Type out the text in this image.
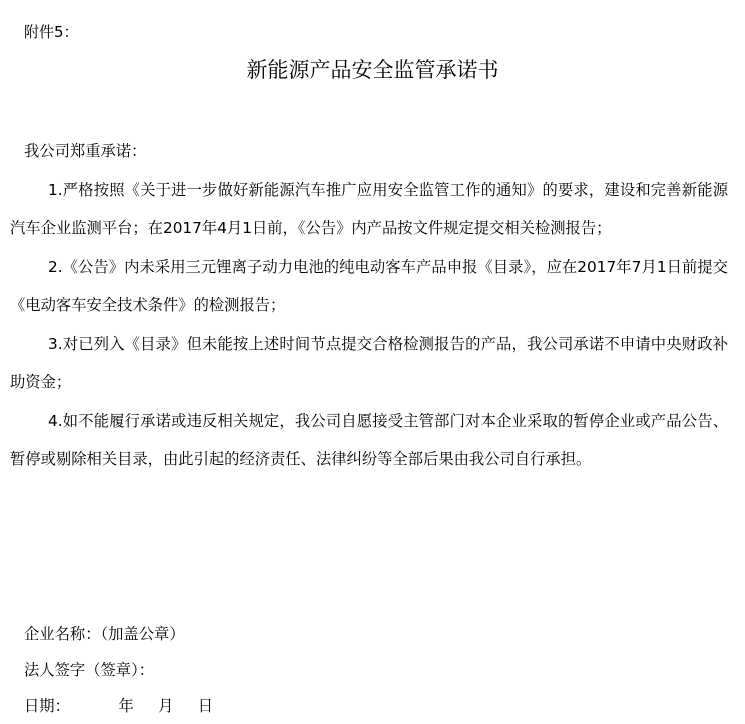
附件5：
新能源产品安全监管承诺书

我公司郑重承诺：

1.严格按照《关于进一步做好新能源汽车推广应用安全监管工作的通知》的要求，建设和完善新能源汽车企业监测平台；在2017年4月1日前，《公告》内产品按文件规定提交相关检测报告；

2.《公告》内未采用三元锂离子动力电池的纯电动客车产品申报《目录》，应在2017年7月1日前提交《电动客车安全技术条件》的检测报告；

3.对已列入《目录》但未能按上述时间节点提交合格检测报告的产品，我公司承诺不申请中央财政补助资金；

4.如不能履行承诺或违反相关规定，我公司自愿接受主管部门对本企业采取的暂停企业或产品公告、暂停或剔除相关目录，由此引起的经济责任、法律纠纷等全部后果由我公司自行承担。

企业名称：（加盖公章）
法人签字（签章）：
日期：          年     月     日
